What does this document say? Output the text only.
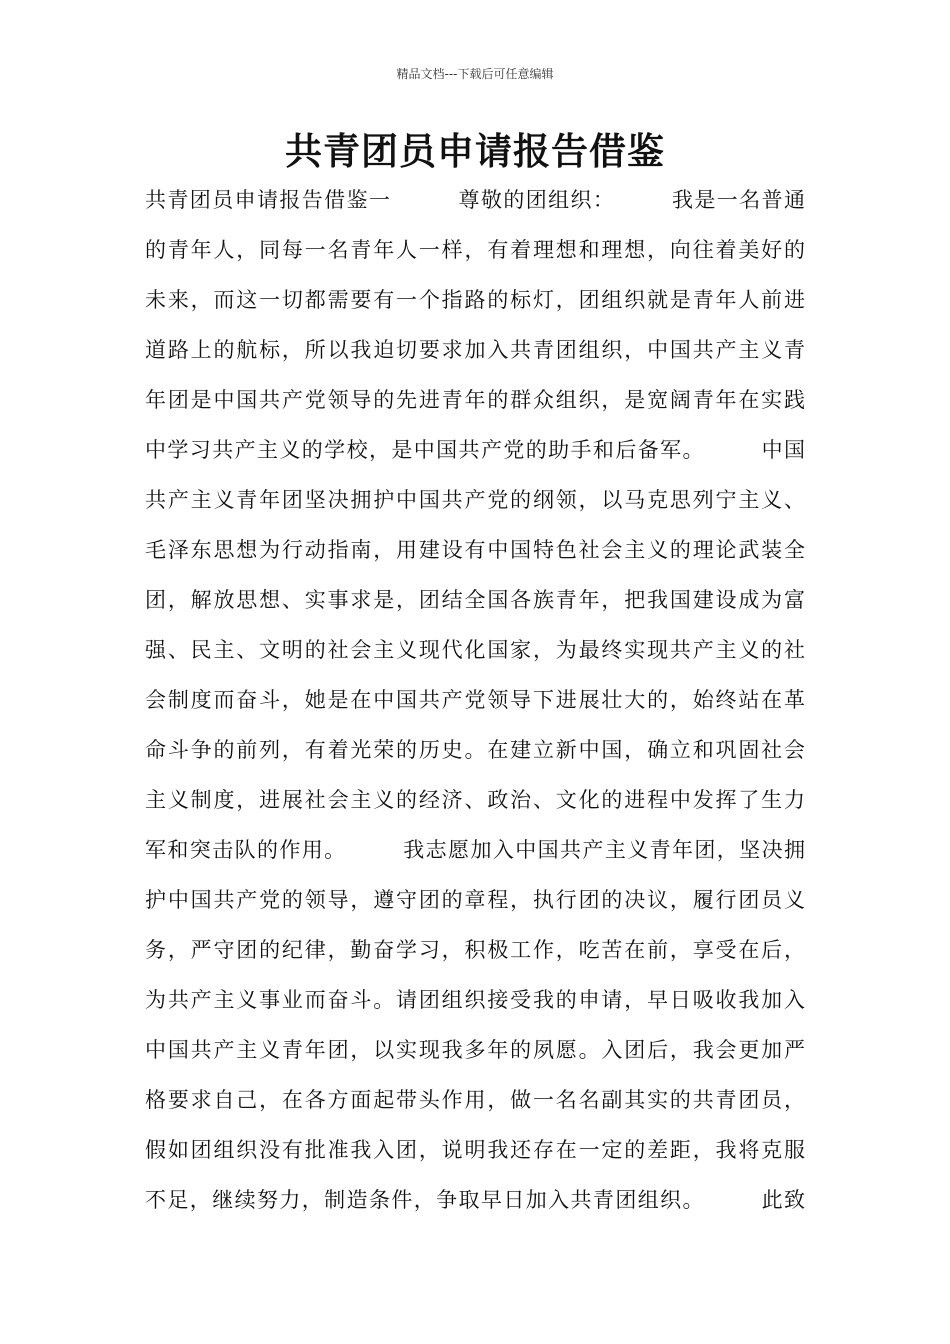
精品文档---下载后可任意编辑
共青团员申请报告借鉴
共青团员申请报告借鉴一　　　尊敬的团组织：　　　我是一名普通
的青年人，同每一名青年人一样，有着理想和理想，向往着美好的
未来，而这一切都需要有一个指路的标灯，团组织就是青年人前进
道路上的航标，所以我迫切要求加入共青团组织，中国共产主义青
年团是中国共产党领导的先进青年的群众组织，是宽阔青年在实践
中学习共产主义的学校，是中国共产党的助手和后备军。　　　中国
共产主义青年团坚决拥护中国共产党的纲领，以马克思列宁主义、
毛泽东思想为行动指南，用建设有中国特色社会主义的理论武装全
团，解放思想、实事求是，团结全国各族青年，把我国建设成为富
强、民主、文明的社会主义现代化国家，为最终实现共产主义的社
会制度而奋斗，她是在中国共产党领导下进展壮大的，始终站在革
命斗争的前列，有着光荣的历史。在建立新中国，确立和巩固社会
主义制度，进展社会主义的经济、政治、文化的进程中发挥了生力
军和突击队的作用。　　　我志愿加入中国共产主义青年团，坚决拥
护中国共产党的领导，遵守团的章程，执行团的决议，履行团员义
务，严守团的纪律，勤奋学习，积极工作，吃苦在前，享受在后，
为共产主义事业而奋斗。请团组织接受我的申请，早日吸收我加入
中国共产主义青年团，以实现我多年的夙愿。入团后，我会更加严
格要求自己，在各方面起带头作用，做一名名副其实的共青团员，
假如团组织没有批准我入团，说明我还存在一定的差距，我将克服
不足，继续努力，制造条件，争取早日加入共青团组织。　　　此致
